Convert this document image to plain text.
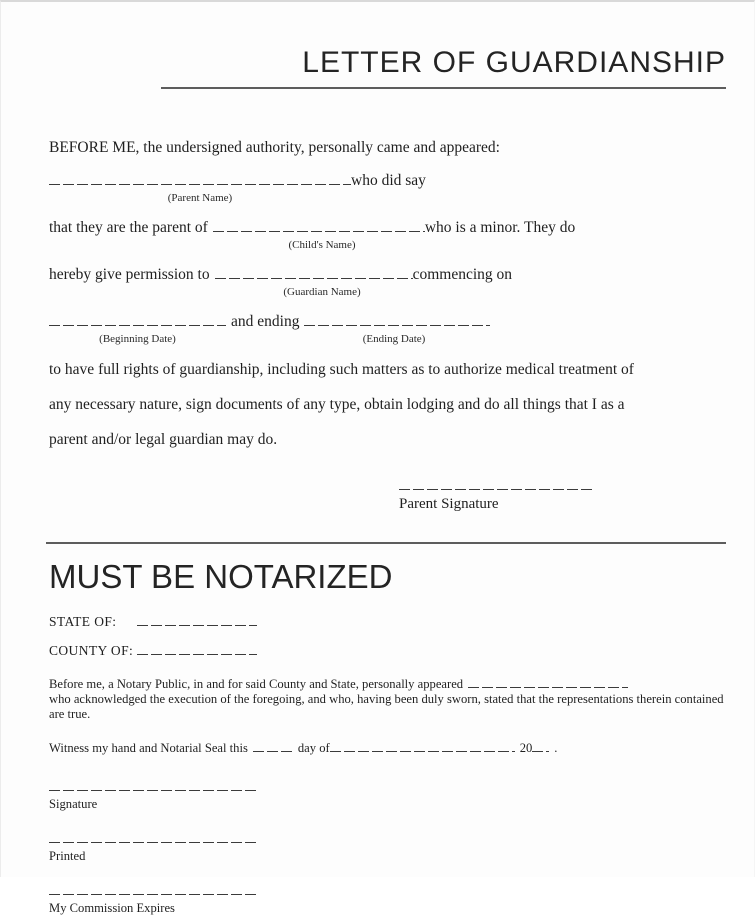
LETTER OF GUARDIANSHIP

BEFORE ME, the undersigned authority, personally came and appeared:

who did say
(Parent Name)
that they are the parent of	who is a minor. They do
(Child's Name)
hereby give permission to	commencing on
(Guardian Name)
and ending
(Beginning Date)	(Ending Date)

to have full rights of guardianship, including such matters as to authorize medical treatment of

any necessary nature, sign documents of any type, obtain lodging and do all things that I as a

parent and/or legal guardian may do.

Parent Signature
MUST BE NOTARIZED
STATE OF:
COUNTY OF:

Before me, a Notary Public, in and for said County and State, personally appeared

who acknowledged the execution of the foregoing, and who, having been duly sworn, stated that the representations therein contained

are true.

Witness my hand and Notarial Seal this	day of	20 .
Signature
Printed
My Commission Expires
